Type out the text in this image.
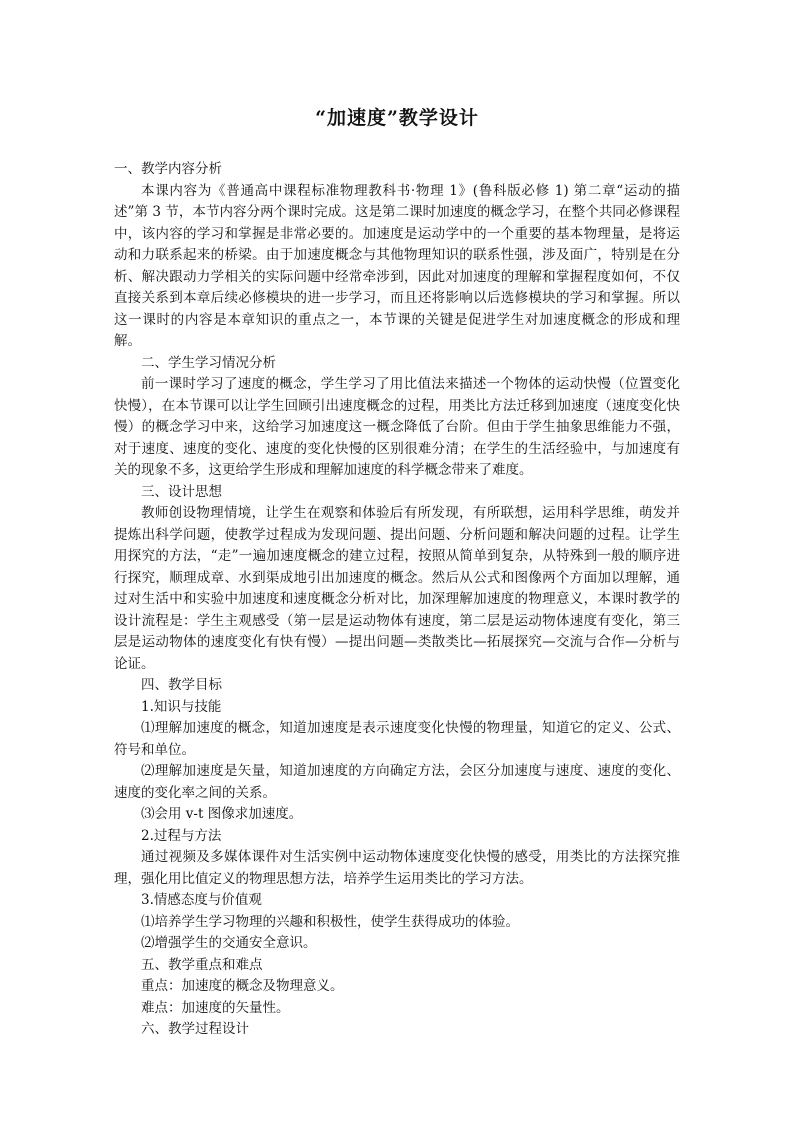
“加速度”教学设计

一、教学内容分析

本课内容为《普通高中课程标准物理教科书·物理 1》(鲁科版必修 1) 第二章“运动的描述”第 3 节，本节内容分两个课时完成。这是第二课时加速度的概念学习，在整个共同必修课程中，该内容的学习和掌握是非常必要的。加速度是运动学中的一个重要的基本物理量，是将运动和力联系起来的桥梁。由于加速度概念与其他物理知识的联系性强，涉及面广，特别是在分析、解决跟动力学相关的实际问题中经常牵涉到，因此对加速度的理解和掌握程度如何，不仅直接关系到本章后续必修模块的进一步学习，而且还将影响以后选修模块的学习和掌握。所以这一课时的内容是本章知识的重点之一，本节课的关键是促进学生对加速度概念的形成和理解。

二、学生学习情况分析

前一课时学习了速度的概念，学生学习了用比值法来描述一个物体的运动快慢（位置变化快慢），在本节课可以让学生回顾引出速度概念的过程，用类比方法迁移到加速度（速度变化快慢）的概念学习中来，这给学习加速度这一概念降低了台阶。但由于学生抽象思维能力不强，对于速度、速度的变化、速度的变化快慢的区别很难分清；在学生的生活经验中，与加速度有关的现象不多，这更给学生形成和理解加速度的科学概念带来了难度。

三、设计思想

教师创设物理情境，让学生在观察和体验后有所发现，有所联想，运用科学思维，萌发并提炼出科学问题，使教学过程成为发现问题、提出问题、分析问题和解决问题的过程。让学生用探究的方法，“走”一遍加速度概念的建立过程，按照从简单到复杂，从特殊到一般的顺序进行探究，顺理成章、水到渠成地引出加速度的概念。然后从公式和图像两个方面加以理解，通过对生活中和实验中加速度和速度概念分析对比，加深理解加速度的物理意义，本课时教学的设计流程是：学生主观感受（第一层是运动物体有速度，第二层是运动物体速度有变化，第三层是运动物体的速度变化有快有慢）—提出问题—类散类比—拓展探究—交流与合作—分析与论证。

四、教学目标

1.知识与技能

⑴理解加速度的概念，知道加速度是表示速度变化快慢的物理量，知道它的定义、公式、符号和单位。

⑵理解加速度是矢量，知道加速度的方向确定方法，会区分加速度与速度、速度的变化、速度的变化率之间的关系。

⑶会用 v-t 图像求加速度。

2.过程与方法

通过视频及多媒体课件对生活实例中运动物体速度变化快慢的感受，用类比的方法探究推理，强化用比值定义的物理思想方法，培养学生运用类比的学习方法。

3.情感态度与价值观

⑴培养学生学习物理的兴趣和积极性，使学生获得成功的体验。

⑵增强学生的交通安全意识。

五、教学重点和难点

重点：加速度的概念及物理意义。

难点：加速度的矢量性。

六、教学过程设计
